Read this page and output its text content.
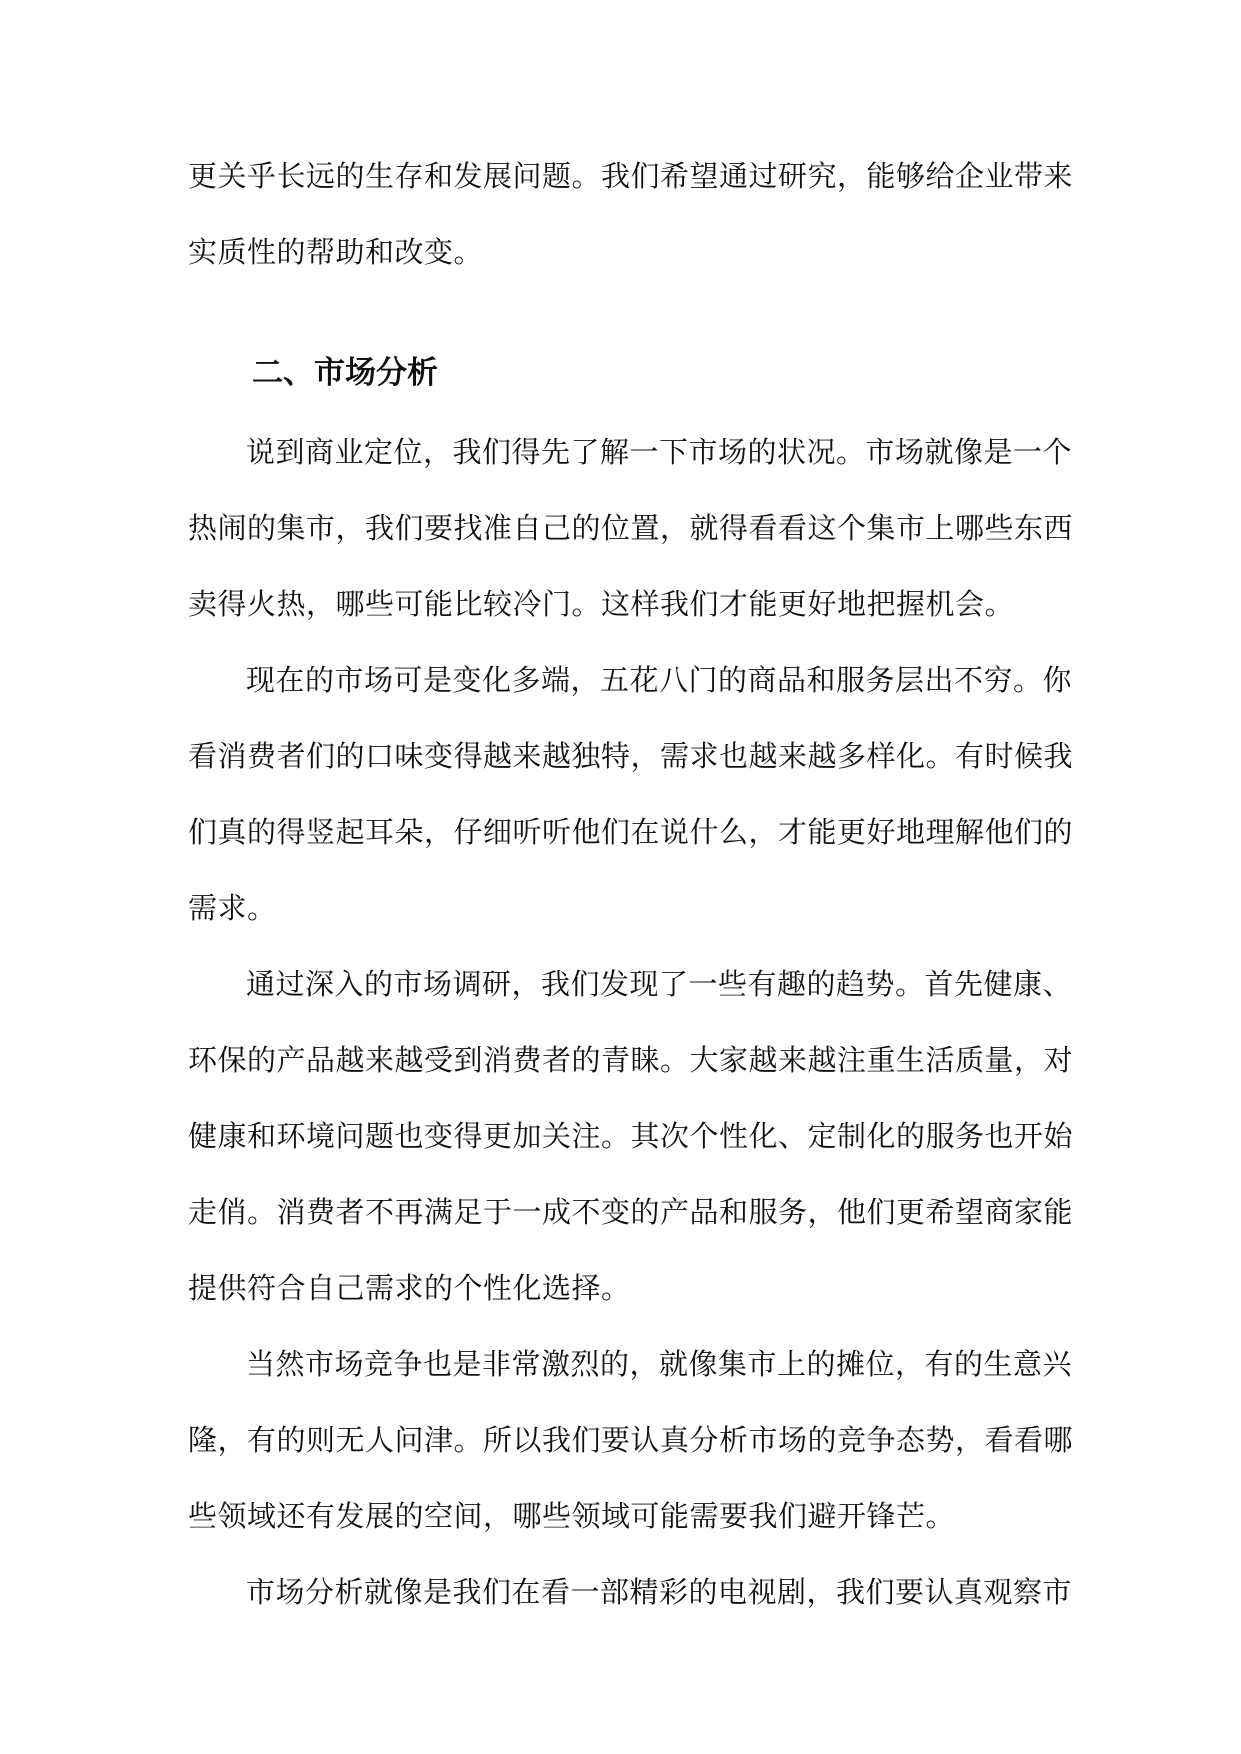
更关乎长远的生存和发展问题。我们希望通过研究，能够给企业带来
实质性的帮助和改变。
二、市场分析
说到商业定位，我们得先了解一下市场的状况。市场就像是一个
热闹的集市，我们要找准自己的位置，就得看看这个集市上哪些东西
卖得火热，哪些可能比较冷门。这样我们才能更好地把握机会。
现在的市场可是变化多端，五花八门的商品和服务层出不穷。你
看消费者们的口味变得越来越独特，需求也越来越多样化。有时候我
们真的得竖起耳朵，仔细听听他们在说什么，才能更好地理解他们的
需求。
通过深入的市场调研，我们发现了一些有趣的趋势。首先健康、
环保的产品越来越受到消费者的青睐。大家越来越注重生活质量，对
健康和环境问题也变得更加关注。其次个性化、定制化的服务也开始
走俏。消费者不再满足于一成不变的产品和服务，他们更希望商家能
提供符合自己需求的个性化选择。
当然市场竞争也是非常激烈的，就像集市上的摊位，有的生意兴
隆，有的则无人问津。所以我们要认真分析市场的竞争态势，看看哪
些领域还有发展的空间，哪些领域可能需要我们避开锋芒。
市场分析就像是我们在看一部精彩的电视剧，我们要认真观察市
